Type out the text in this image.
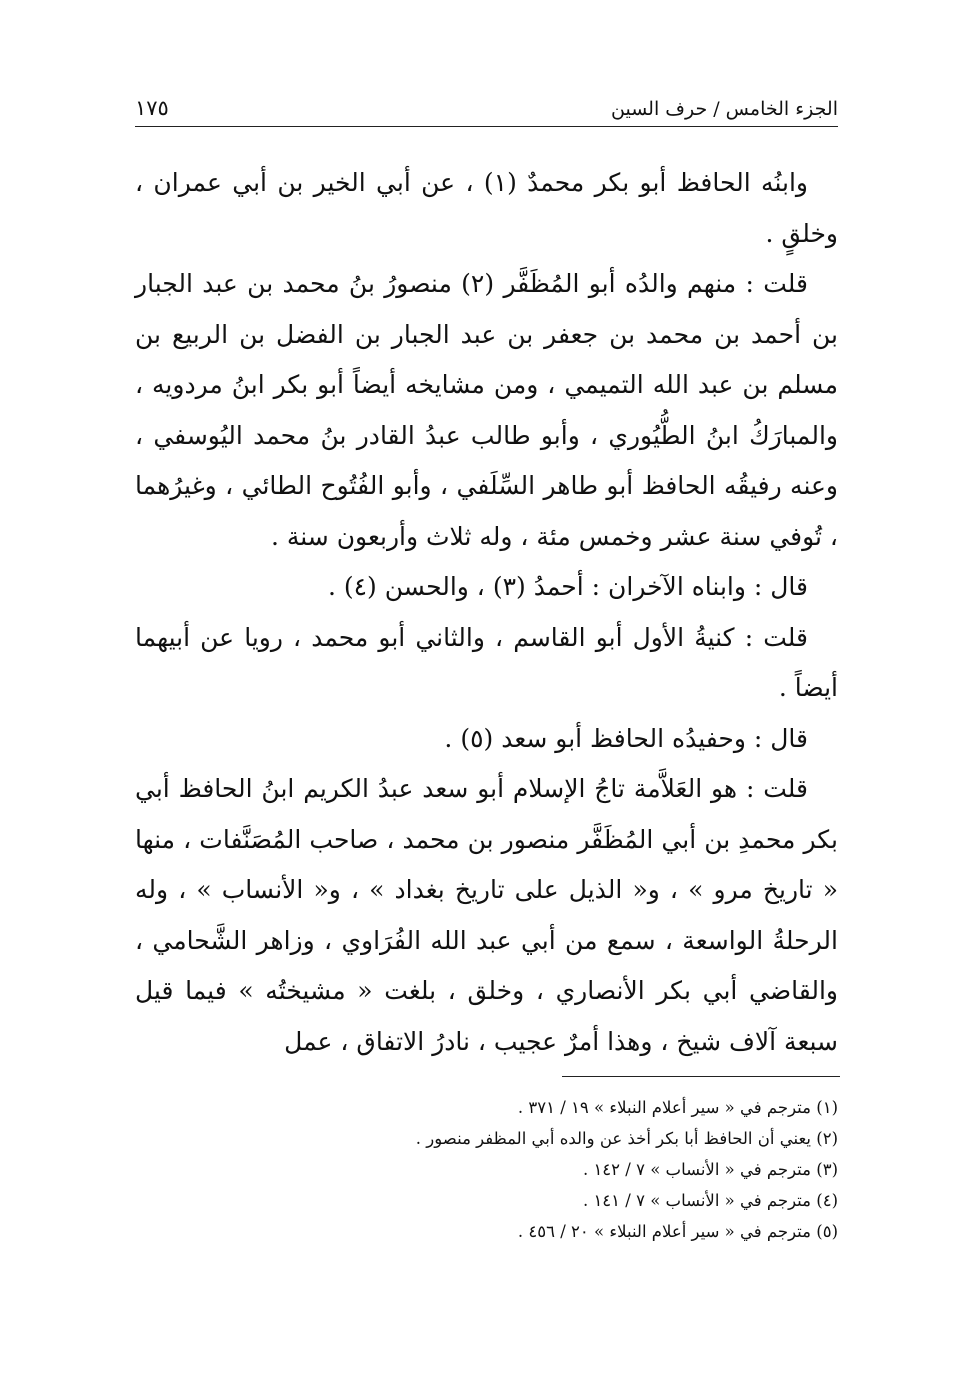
الجزء الخامس / حرف السين
١٧٥

وابنُه الحافظ أبو بكر محمدٌ (١) ، عن أبي الخير بن أبي عمران ، وخلقٍ .

قلت : منهم والدُه أبو المُظَفَّر (٢) منصورُ بنُ محمد بن عبد الجبار بن أحمد بن محمد بن جعفر بن عبد الجبار بن الفضل بن الربيع بن مسلم بن عبد الله التميمي ، ومن مشايخه أيضاً أبو بكر ابنُ مردويه ، والمبارَكُ ابنُ الطُّيُوري ، وأبو طالب عبدُ القادر بنُ محمد اليُوسفي ، وعنه رفيقُه الحافظ أبو طاهر السِّلَفي ، وأبو الفُتُوح الطائي ، وغيرُهما ، تُوفي سنة عشر وخمس مئة ، وله ثلاث وأربعون سنة .

قال : وابناه الآخران : أحمدُ (٣) ، والحسن (٤) .

قلت : كنيةُ الأول أبو القاسم ، والثاني أبو محمد ، رويا عن أبيهما أيضاً .

قال : وحفيدُه الحافظ أبو سعد (٥) .

قلت : هو العَلاَّمة تاجُ الإسلام أبو سعد عبدُ الكريم ابنُ الحافظ أبي بكر محمدِ بن أبي المُظَفَّر منصور بن محمد ، صاحب المُصَنَّفات ، منها « تاريخ مرو » ، و« الذيل على تاريخ بغداد » ، و« الأنساب » ، وله الرحلةُ الواسعة ، سمع من أبي عبد الله الفُرَاوي ، وزاهر الشَّحامي ، والقاضي أبي بكر الأنصاري ، وخلق ، بلغت « مشيختُه » فيما قيل سبعة آلاف شيخ ، وهذا أمرٌ عجيب ، نادرُ الاتفاق ، عمل

(١) مترجم في « سير أعلام النبلاء » ١٩ / ٣٧١ .

(٢) يعني أن الحافظ أبا بكر أخذ عن والده أبي المظفر منصور .

(٣) مترجم في « الأنساب » ٧ / ١٤٢ .

(٤) مترجم في « الأنساب » ٧ / ١٤١ .

(٥) مترجم في « سير أعلام النبلاء » ٢٠ / ٤٥٦ .
